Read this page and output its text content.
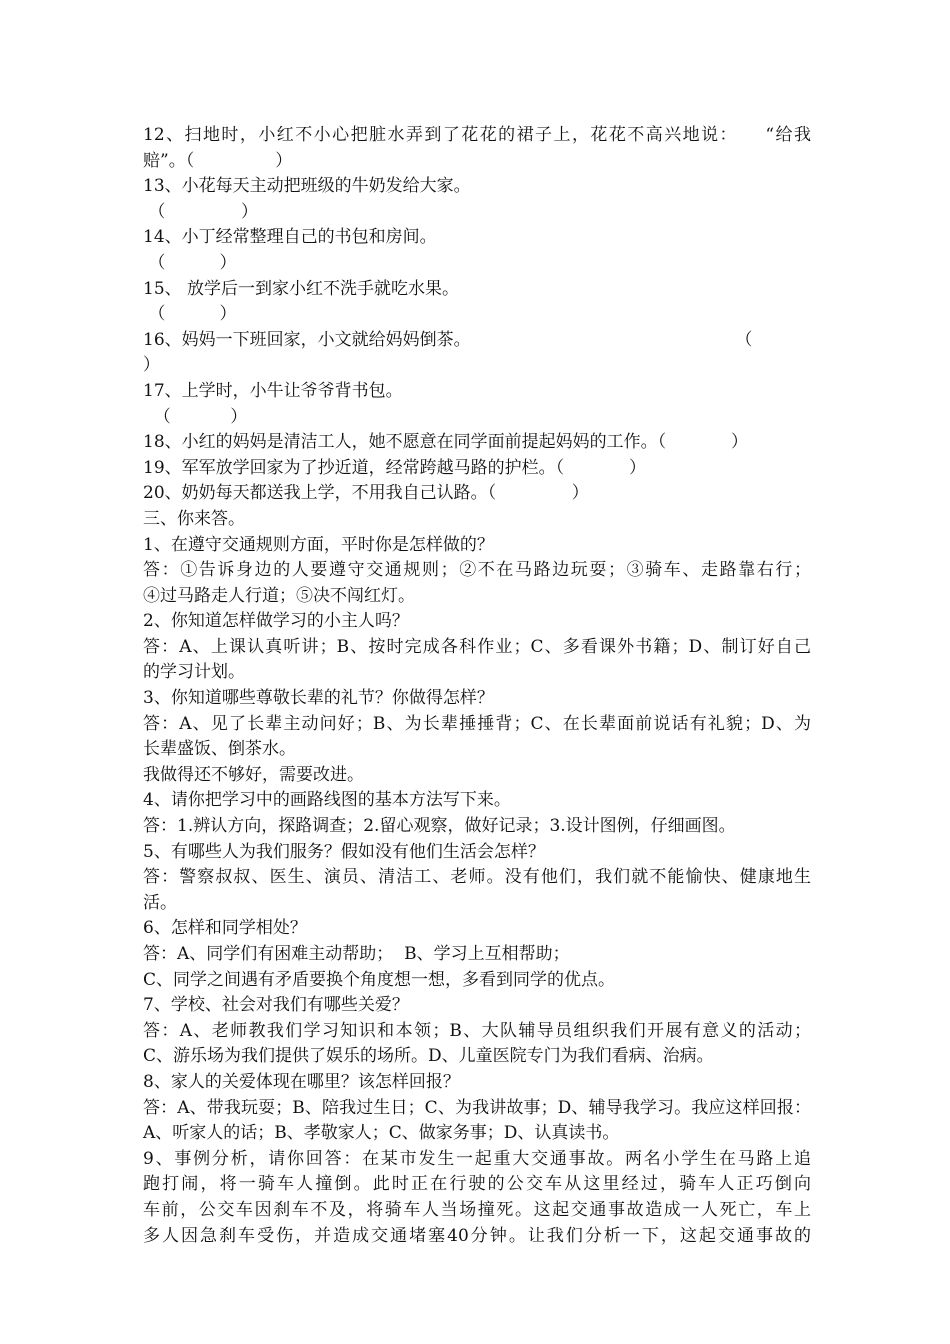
12、扫地时，小红不小心把脏水弄到了花花的裙子上，花花不高兴地说：    “给我
赔”。（               ）
13、小花每天主动把班级的牛奶发给大家。
（              ）
14、小丁经常整理自己的书包和房间。
（          ）
15、 放学后一到家小红不洗手就吃水果。
（          ）
16、妈妈一下班回家，小文就给妈妈倒茶。                                                 （
）
17、上学时，小牛让爷爷背书包。
（           ）
18、小红的妈妈是清洁工人，她不愿意在同学面前提起妈妈的工作。（            ）
19、军军放学回家为了抄近道，经常跨越马路的护栏。（            ）
20、奶奶每天都送我上学，不用我自己认路。（              ）
三、你来答。
1、在遵守交通规则方面，平时你是怎样做的？
答：①告诉身边的人要遵守交通规则；②不在马路边玩耍；③骑车、走路靠右行；
④过马路走人行道；⑤决不闯红灯。
2、你知道怎样做学习的小主人吗？
答：A、上课认真听讲；B、按时完成各科作业；C、多看课外书籍；D、制订好自己
的学习计划。
3、你知道哪些尊敬长辈的礼节？你做得怎样？
答：A、见了长辈主动问好；B、为长辈捶捶背；C、在长辈面前说话有礼貌；D、为
长辈盛饭、倒茶水。
我做得还不够好，需要改进。
4、请你把学习中的画路线图的基本方法写下来。
答：1.辨认方向，探路调查；2.留心观察，做好记录；3.设计图例，仔细画图。
5、有哪些人为我们服务？假如没有他们生活会怎样？
答：警察叔叔、医生、演员、清洁工、老师。没有他们，我们就不能愉快、健康地生
活。
6、怎样和同学相处？
答：A、同学们有困难主动帮助；  B、学习上互相帮助；
C、同学之间遇有矛盾要换个角度想一想，多看到同学的优点。
7、学校、社会对我们有哪些关爱？
答：A、老师教我们学习知识和本领；B、大队辅导员组织我们开展有意义的活动；
C、游乐场为我们提供了娱乐的场所。D、儿童医院专门为我们看病、治病。
8、家人的关爱体现在哪里？该怎样回报？
答：A、带我玩耍；B、陪我过生日；C、为我讲故事；D、辅导我学习。我应这样回报：
A、听家人的话；B、孝敬家人；C、做家务事；D、认真读书。
9、事例分析，请你回答：在某市发生一起重大交通事故。两名小学生在马路上追
跑打闹，将一骑车人撞倒。此时正在行驶的公交车从这里经过，骑车人正巧倒向
车前，公交车因刹车不及，将骑车人当场撞死。这起交通事故造成一人死亡，车上
多人因急刹车受伤，并造成交通堵塞40分钟。让我们分析一下，这起交通事故的
